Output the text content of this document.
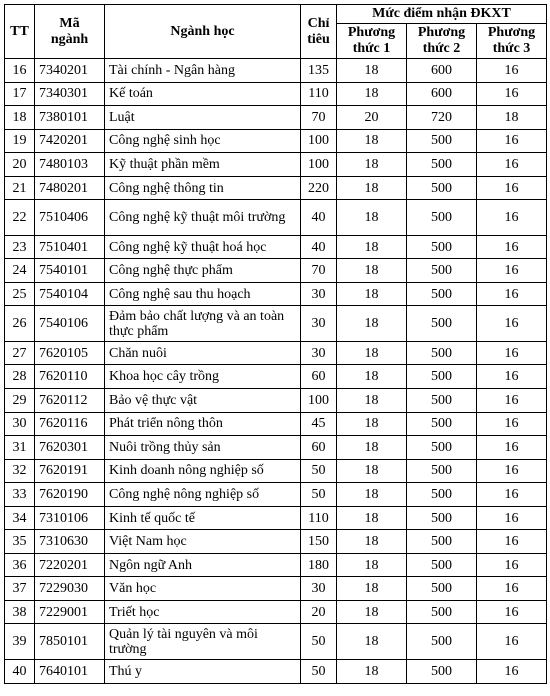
TT	Mã ngành	Ngành học	Chỉ tiêu	Mức điểm nhận ĐKXT		
				Phương thức 1	Phương thức 2	Phương thức 3
16	7340201	Tài chính - Ngân hàng	135	18	600	16
17	7340301	Kế toán	110	18	600	16
18	7380101	Luật	70	20	720	18
19	7420201	Công nghệ sinh học	100	18	500	16
20	7480103	Kỹ thuật phần mềm	100	18	500	16
21	7480201	Công nghệ thông tin	220	18	500	16
22	7510406	Công nghệ kỹ thuật môi trường	40	18	500	16
23	7510401	Công nghệ kỹ thuật hoá học	40	18	500	16
24	7540101	Công nghệ thực phẩm	70	18	500	16
25	7540104	Công nghệ sau thu hoạch	30	18	500	16
26	7540106	Đảm bảo chất lượng và an toàn thực phẩm	30	18	500	16
27	7620105	Chăn nuôi	30	18	500	16
28	7620110	Khoa học cây trồng	60	18	500	16
29	7620112	Bảo vệ thực vật	100	18	500	16
30	7620116	Phát triển nông thôn	45	18	500	16
31	7620301	Nuôi trồng thủy sản	60	18	500	16
32	7620191	Kinh doanh nông nghiệp số	50	18	500	16
33	7620190	Công nghệ nông nghiệp số	50	18	500	16
34	7310106	Kinh tế quốc tế	110	18	500	16
35	7310630	Việt Nam học	150	18	500	16
36	7220201	Ngôn ngữ Anh	180	18	500	16
37	7229030	Văn học	30	18	500	16
38	7229001	Triết học	20	18	500	16
39	7850101	Quản lý tài nguyên và môi trường	50	18	500	16
40	7640101	Thú y	50	18	500	16
